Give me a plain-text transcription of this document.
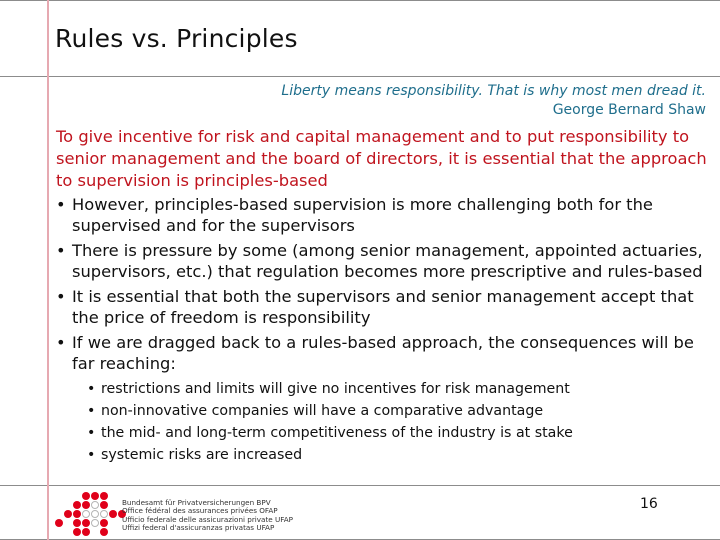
Rules vs. Principles
Liberty means responsibility. That is why most men dread it.
George Bernard Shaw
To give incentive for risk and capital management and to put responsibility to senior management and the board of directors, it is essential that the approach to supervision is principles-based
• However, principles-based supervision is more challenging both for the supervised and for the supervisors
• There is pressure by some (among senior management, appointed actuaries, supervisors, etc.) that regulation becomes more prescriptive and rules-based
• It is essential that both the supervisors and senior management accept that the price of freedom is responsibility
• If we are dragged back to a rules-based approach, the consequences will be far reaching:
• restrictions and limits will give no incentives for risk management
• non-innovative companies will have a comparative advantage
• the mid- and long-term competitiveness of the industry is at stake
• systemic risks are increased
Bundesamt für Privatversicherungen BPV
Office fédéral des assurances privées OFAP
Ufficio federale delle assicurazioni private UFAP
Uffizi federal d'assicuranzas privatas UFAP
16
